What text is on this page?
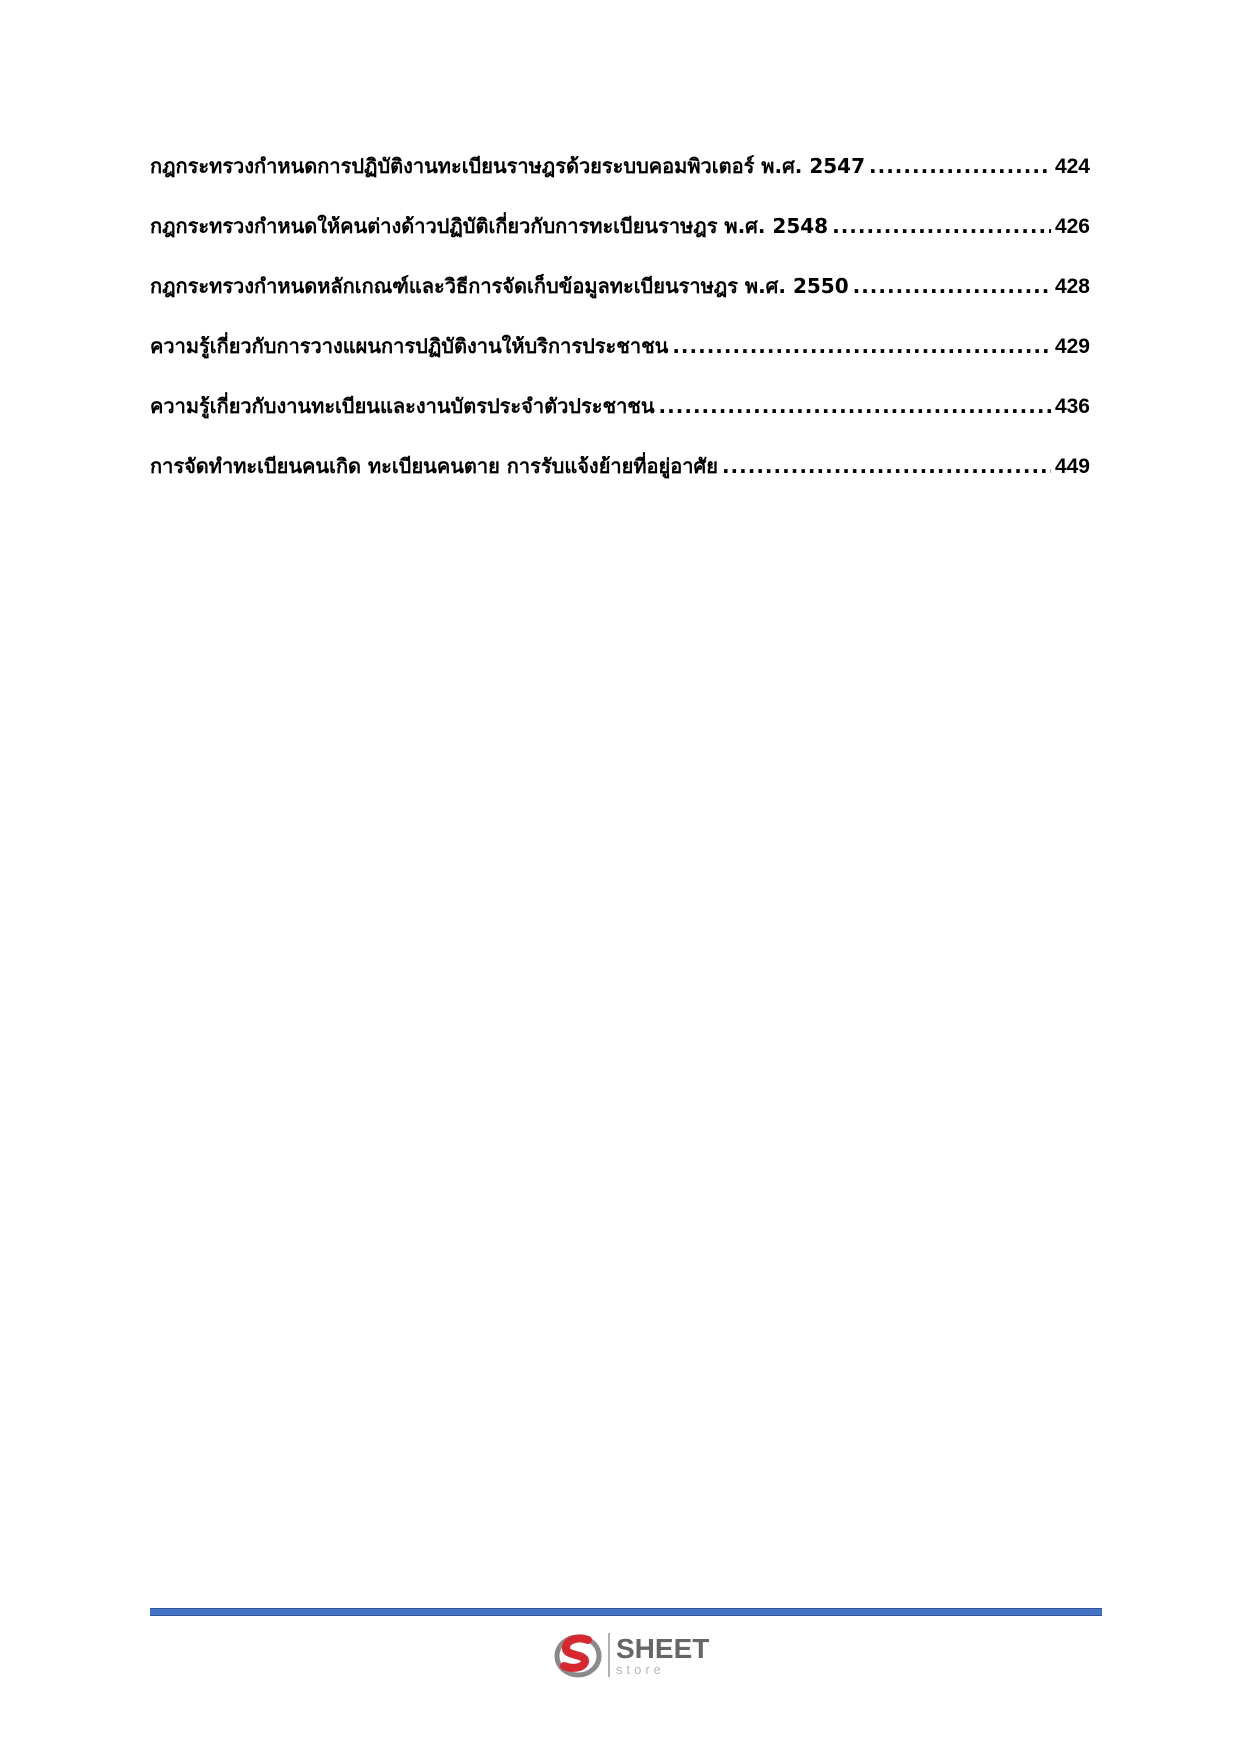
กฎกระทรวงกำหนดการปฏิบัติงานทะเบียนราษฎรด้วยระบบคอมพิวเตอร์ พ.ศ. 2547 .....	424
กฎกระทรวงกำหนดให้คนต่างด้าวปฏิบัติเกี่ยวกับการทะเบียนราษฎร พ.ศ. 2548 .....	426
กฎกระทรวงกำหนดหลักเกณฑ์และวิธีการจัดเก็บข้อมูลทะเบียนราษฎร พ.ศ. 2550 .....	428
ความรู้เกี่ยวกับการวางแผนการปฏิบัติงานให้บริการประชาชน .....	429
ความรู้เกี่ยวกับงานทะเบียนและงานบัตรประจำตัวประชาชน .....	436
การจัดทำทะเบียนคนเกิด ทะเบียนคนตาย การรับแจ้งย้ายที่อยู่อาศัย .....	449
SHEET
store
